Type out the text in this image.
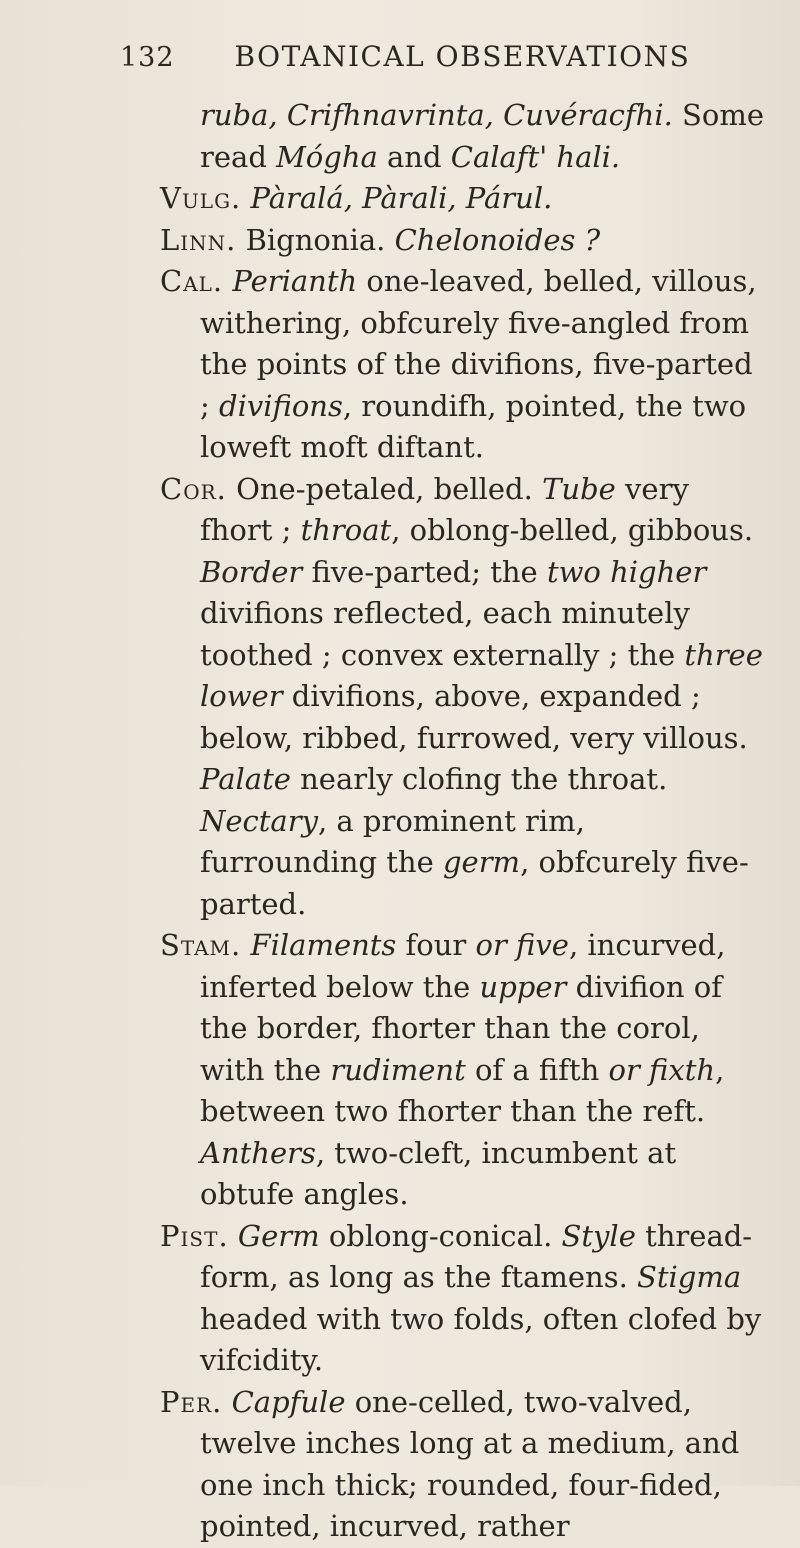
132 BOTANICAL OBSERVATIONS

ruba, Crifhnavrinta, Cuvéracfhi. Some read Mógha and Calaft' hali.

Vulg. Pàralá, Pàrali, Párul.

Linn. Bignonia. Chelonoides ?

Cal. Perianth one-leaved, belled, villous, withering, obfcurely five-angled from the points of the divifions, five-parted ; divifions, roundifh, pointed, the two loweft moft diftant.

Cor. One-petaled, belled. Tube very fhort ; throat, oblong-belled, gibbous. Border five-parted; the two higher divifions reflected, each minutely toothed ; convex externally ; the three lower divifions, above, expanded ; below, ribbed, furrowed, very villous. Palate nearly clofing the throat. Nectary, a prominent rim, furrounding the germ, obfcurely five-parted.

Stam. Filaments four or five, incurved, inferted below the upper divifion of the border, fhorter than the corol, with the rudiment of a fifth or fixth, between two fhorter than the reft. Anthers, two-cleft, incumbent at obtufe angles.

Pist. Germ oblong-conical. Style thread-form, as long as the ftamens. Stigma headed with two folds, often clofed by vifcidity.

Per. Capfule one-celled, two-valved, twelve inches long at a medium, and one inch thick; rounded, four-fided, pointed, incurved, rather
